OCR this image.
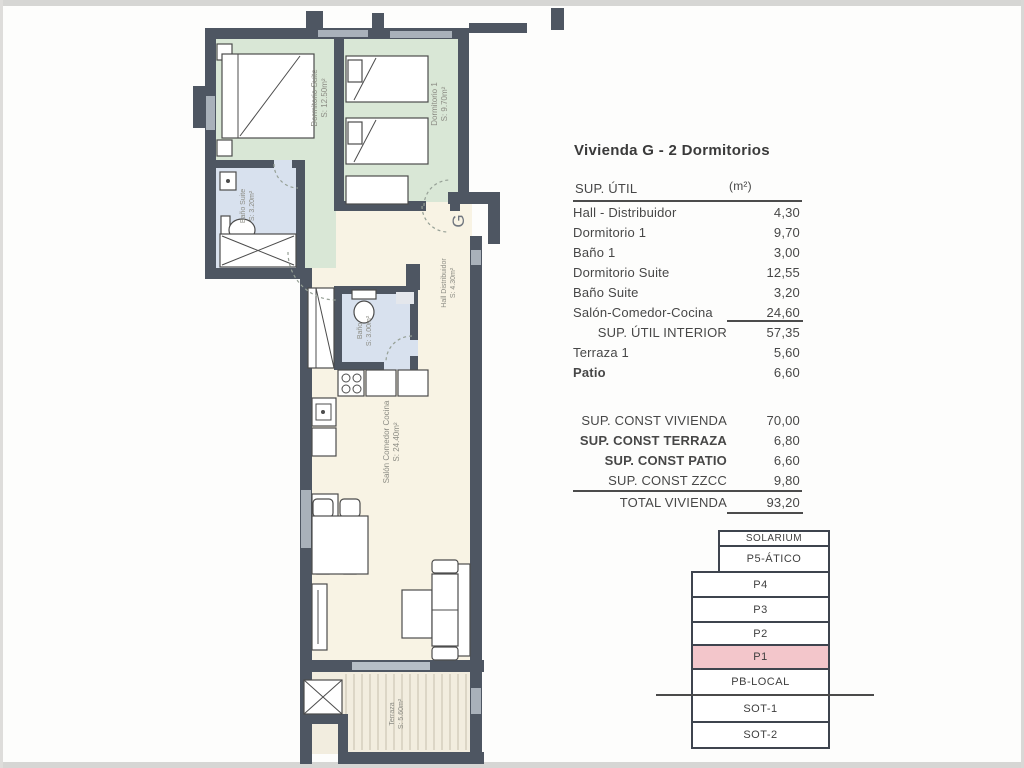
Dormitorio Suite S: 12.50m²	Dormitorio 1 S: 9.70m²
Baño Suite S: 3.20m²
Hall Distribuidor S: 4.30m²
Baño S: 3.00m²
Salón Comedor Cocina S: 24.40m²
Terraza S: 5.60m²
G
Vivienda G - 2 Dormitorios
SUP. ÚTIL	(m²)
Hall - Distribuidor	4,30
Dormitorio 1	9,70
Baño 1	3,00
Dormitorio Suite	12,55
Baño Suite	3,20
Salón-Comedor-Cocina	24,60
SUP. ÚTIL INTERIOR	57,35
Terraza 1	5,60
Patio	6,60
SUP. CONST VIVIENDA	70,00
SUP. CONST TERRAZA	6,80
SUP. CONST PATIO	6,60
SUP. CONST ZZCC	9,80
TOTAL VIVIENDA	93,20
SOLARIUM
P5-ÁTICO
P4
P3
P2
P1
PB-LOCAL
SOT-1
SOT-2
